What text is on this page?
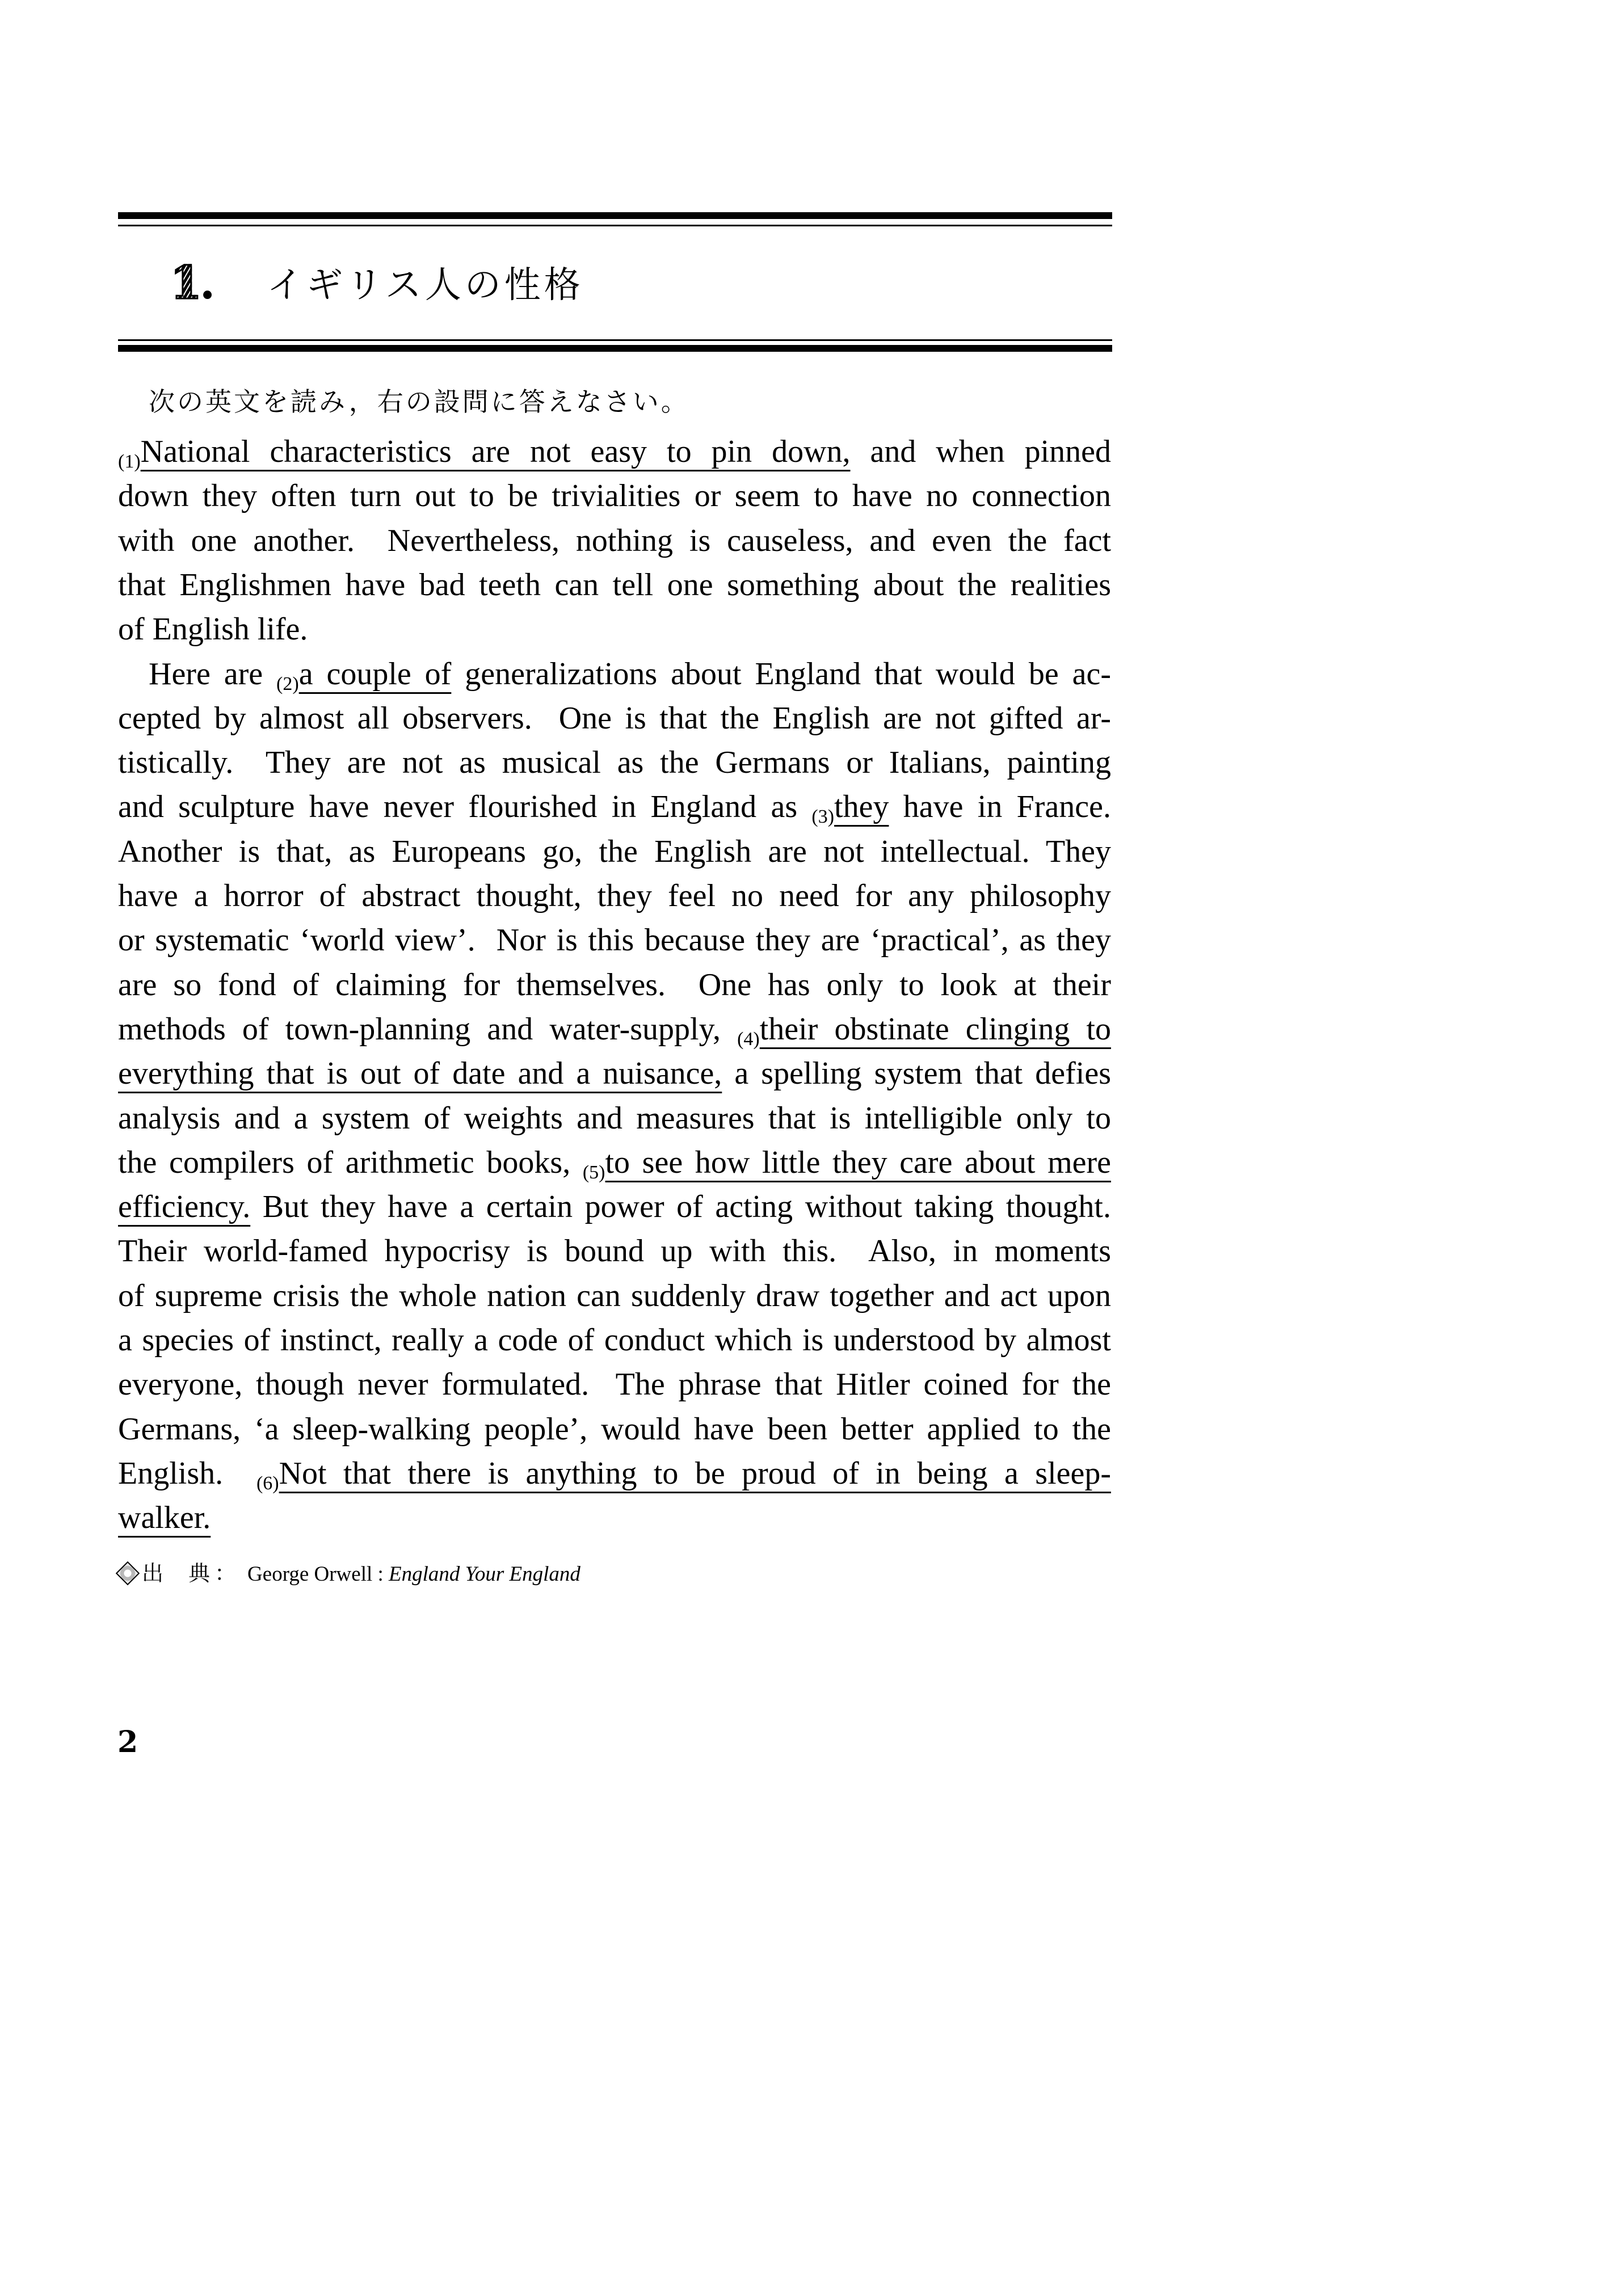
1. イギリス人の性格
次の英文を読み，右の設問に答えなさい。
(1)National characteristics are not easy to pin down, and when pinned
down they often turn out to be trivialities or seem to have no connection
with one another.  Nevertheless, nothing is causeless, and even the fact
that Englishmen have bad teeth can tell one something about the realities
of English life.
Here are (2)a couple of generalizations about England that would be ac-
cepted by almost all observers.  One is that the English are not gifted ar-
tistically.  They are not as musical as the Germans or Italians, painting
and sculpture have never flourished in England as (3)they have in France.
Another is that, as Europeans go, the English are not intellectual. They
have a horror of abstract thought, they feel no need for any philosophy
or systematic ‘world view’.  Nor is this because they are ‘practical’, as they
are so fond of claiming for themselves.  One has only to look at their
methods of town-planning and water-supply, (4)their obstinate clinging to
everything that is out of date and a nuisance, a spelling system that defies
analysis and a system of weights and measures that is intelligible only to
the compilers of arithmetic books, (5)to see how little they care about mere
efficiency. But they have a certain power of acting without taking thought.
Their world-famed hypocrisy is bound up with this.  Also, in moments
of supreme crisis the whole nation can suddenly draw together and act upon
a species of instinct, really a code of conduct which is understood by almost
everyone, though never formulated.  The phrase that Hitler coined for the
Germans, ‘a sleep-walking people’, would have been better applied to the
English.  (6)Not that there is anything to be proud of in being a sleep-
walker.
出 典 ： George Orwell : England Your England
2
